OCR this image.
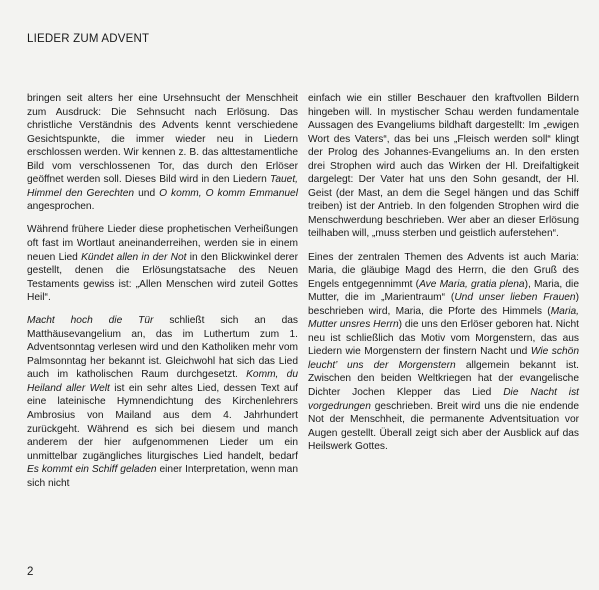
LIEDER ZUM ADVENT

bringen seit alters her eine Ursehnsucht der Menschheit zum Ausdruck: Die Sehnsucht nach Erlösung. Das christliche Verständnis des Advents kennt verschiedene Gesichtspunkte, die immer wieder neu in Liedern erschlossen werden. Wir kennen z. B. das alttestamentliche Bild vom verschlossenen Tor, das durch den Erlöser geöffnet werden soll. Dieses Bild wird in den Liedern Tauet, Himmel den Gerechten und O komm, O komm Emmanuel angesprochen.

Während frühere Lieder diese prophetischen Verheißungen oft fast im Wortlaut aneinanderreihen, werden sie in einem neuen Lied Kündet allen in der Not in den Blickwinkel derer gestellt, denen die Erlösungstatsache des Neuen Testaments gewiss ist: „Allen Menschen wird zuteil Gottes Heil“.

Macht hoch die Tür schließt sich an das Matthäusevangelium an, das im Luthertum zum 1. Adventsonntag verlesen wird und den Katholiken mehr vom Palmsonntag her bekannt ist. Gleichwohl hat sich das Lied auch im katholischen Raum durchgesetzt. Komm, du Heiland aller Welt ist ein sehr altes Lied, dessen Text auf eine lateinische Hymnendichtung des Kirchenlehrers Ambrosius von Mailand aus dem 4. Jahrhundert zurückgeht. Während es sich bei diesem und manch anderem der hier aufgenommenen Lieder um ein unmittelbar zugängliches liturgisches Lied handelt, bedarf Es kommt ein Schiff geladen einer Interpretation, wenn man sich nicht

einfach wie ein stiller Beschauer den kraftvollen Bildern hingeben will. In mystischer Schau werden fundamentale Aussagen des Evangeliums bildhaft dargestellt: Im „ewigen Wort des Vaters“, das bei uns „Fleisch werden soll“ klingt der Prolog des Johannes-Evangeliums an. In den ersten drei Strophen wird auch das Wirken der Hl. Dreifaltigkeit dargelegt: Der Vater hat uns den Sohn gesandt, der Hl. Geist (der Mast, an dem die Segel hängen und das Schiff treiben) ist der Antrieb. In den folgenden Strophen wird die Menschwerdung beschrieben. Wer aber an dieser Erlösung teilhaben will, „muss sterben und geistlich auferstehen“.

Eines der zentralen Themen des Advents ist auch Maria: Maria, die gläubige Magd des Herrn, die den Gruß des Engels entgegennimmt (Ave Maria, gratia plena), Maria, die Mutter, die im „Marientraum“ (Und unser lieben Frauen) beschrieben wird, Maria, die Pforte des Himmels (Maria, Mutter unsres Herrn) die uns den Erlöser geboren hat. Nicht neu ist schließlich das Motiv vom Morgenstern, das aus Liedern wie Morgenstern der finstern Nacht und Wie schön leucht’ uns der Morgenstern allgemein bekannt ist. Zwischen den beiden Weltkriegen hat der evangelische Dichter Jochen Klepper das Lied Die Nacht ist vorgedrungen geschrieben. Breit wird uns die nie endende Not der Menschheit, die permanente Adventsituation vor Augen gestellt. Überall zeigt sich aber der Ausblick auf das Heilswerk Gottes.

2
